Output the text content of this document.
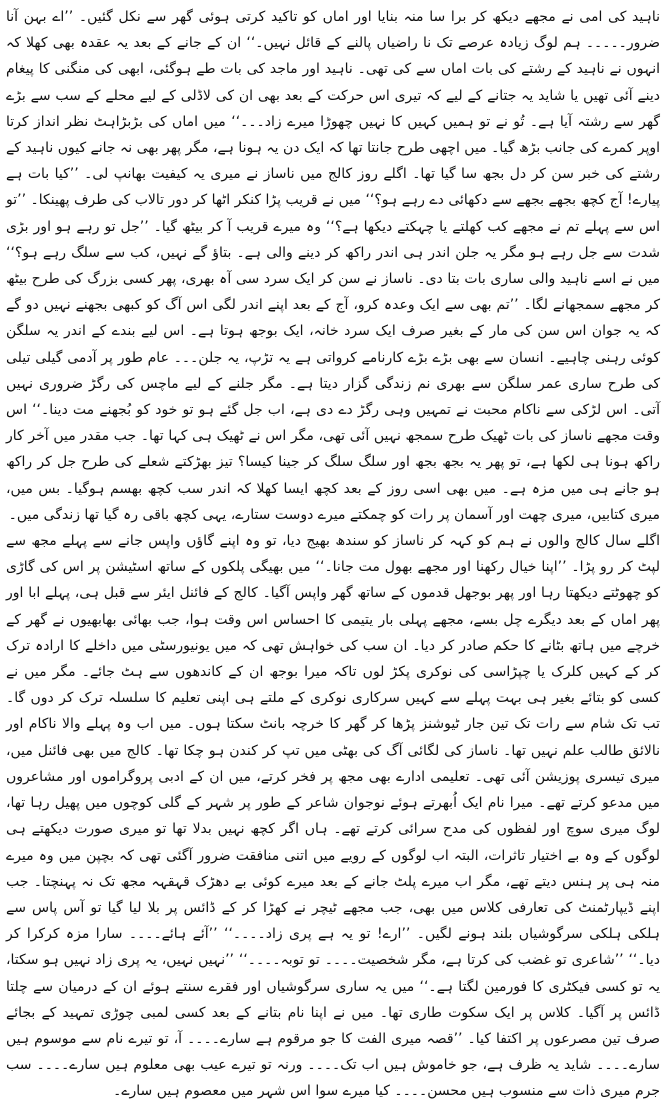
ناہید کی امی نے مجھے دیکھ کر برا سا منہ بنایا اور اماں کو تاکید کرتی ہوئی گھر سے نکل گئیں۔ ’’اے بہن آنا ضرور۔۔۔۔۔ ہم لوگ زیادہ عرصے تک نا راضیاں پالنے کے قائل نہیں۔‘‘ ان کے جانے کے بعد یہ عقدہ بھی کھلا کہ انہوں نے ناہید کے رشتے کی بات اماں سے کی تھی۔ ناہید اور ماجد کی بات طے ہوگئی، ابھی کی منگنی کا پیغام دینے آئی تھیں یا شاید یہ جتانے کے لیے کہ تیری اس حرکت کے بعد بھی ان کی لاڈلی کے لیے محلے کے سب سے بڑے گھر سے رشتہ آیا ہے۔ تُو نے تو ہمیں کہیں کا نہیں چھوڑا میرے زاد۔۔۔‘‘ میں اماں کی بڑبڑاہٹ نظر انداز کرتا اوپر کمرے کی جانب بڑھ گیا۔ میں اچھی طرح جانتا تھا کہ ایک دن یہ ہونا ہے، مگر پھر بھی نہ جانے کیوں ناہید کے رشتے کی خبر سن کر دل بجھ سا گیا تھا۔ اگلے روز کالج میں ناساز نے میری یہ کیفیت بھانپ لی۔ ’’کیا بات ہے پیارے! آج کچھ بجھے بجھے سے دکھائی دے رہے ہو؟‘‘ میں نے قریب پڑا کنکر اٹھا کر دور تالاب کی طرف پھینکا۔ ’’تو اس سے پہلے تم نے مجھے کب کھلتے یا چہکتے دیکھا ہے؟‘‘ وہ میرے قریب آ کر بیٹھ گیا۔ ’’جل تو رہے ہو اور بڑی شدت سے جل رہے ہو مگر یہ جلن اندر ہی اندر راکھ کر دینے والی ہے۔ بتاؤ گے نہیں، کب سے سلگ رہے ہو؟‘‘ میں نے اسے ناہید والی ساری بات بتا دی۔ ناساز نے سن کر ایک سرد سی آہ بھری، پھر کسی بزرگ کی طرح بیٹھ کر مجھے سمجھانے لگا۔ ’’تم بھی سے ایک وعدہ کرو، آج کے بعد اپنے اندر لگی اس آگ کو کبھی بجھنے نہیں دو گے کہ یہ جوان اس سن کی مار کے بغیر صرف ایک سرد خانہ، ایک بوجھ ہوتا ہے۔ اس لیے بندے کے اندر یہ سلگن کوئی رہنی چاہیے۔ انسان سے بھی بڑے بڑے کارنامے کرواتی ہے یہ تڑپ، یہ جلن۔۔۔ عام طور پر آدمی گیلی تیلی کی طرح ساری عمر سلگن سے بھری نم زندگی گزار دیتا ہے۔ مگر جلنے کے لیے ماچس کی رگڑ ضروری نہیں آتی۔ اس لڑکی سے ناکام محبت نے تمہیں وہی رگڑ دے دی ہے، اب جل گئے ہو تو خود کو بُجھنے مت دینا۔‘‘ اس وقت مجھے ناساز کی بات ٹھیک طرح سمجھ نہیں آئی تھی، مگر اس نے ٹھیک ہی کہا تھا۔ جب مقدر میں آخر کار راکھ ہونا ہی لکھا ہے، تو پھر یہ بجھ بجھ اور سلگ سلگ کر جینا کیسا؟ تیز بھڑکتے شعلے کی طرح جل کر راکھ ہو جانے ہی میں مزہ ہے۔ میں بھی اسی روز کے بعد کچھ ایسا کھلا کہ اندر سب کچھ بھسم ہوگیا۔ بس میں، میری کتابیں، میری چھت اور آسمان پر رات کو چمکتے میرے دوست ستارے، یہی کچھ باقی رہ گیا تھا زندگی میں۔

اگلے سال کالج والوں نے ہم کو کہہ کر ناساز کو سندھ بھیج دیا، تو وہ اپنے گاؤں واپس جانے سے پہلے مجھ سے لپٹ کر رو پڑا۔ ’’اپنا خیال رکھنا اور مجھے بھول مت جانا۔‘‘ میں بھیگی پلکوں کے ساتھ اسٹیشن پر اس کی گاڑی کو چھوٹتے دیکھتا رہا اور پھر بوجھل قدموں کے ساتھ گھر واپس آگیا۔ کالج کے فائنل ایئر سے قبل ہی، پہلے ابا اور پھر اماں کے بعد دیگرے چل بسے، مجھے پہلی بار یتیمی کا احساس اس وقت ہوا، جب بھائی بھابھیوں نے گھر کے خرچے میں ہاتھ بٹانے کا حکم صادر کر دیا۔ ان سب کی خواہش تھی کہ میں یونیورسٹی میں داخلے کا ارادہ ترک کر کے کہیں کلرک یا چپڑاسی کی نوکری پکڑ لوں تاکہ میرا بوجھ ان کے کاندھوں سے ہٹ جائے۔ مگر میں نے کسی کو بتائے بغیر ہی بہت پہلے سے کہیں سرکاری نوکری کے ملتے ہی اپنی تعلیم کا سلسلہ ترک کر دوں گا۔ تب تک شام سے رات تک تین جار ٹیوشنز پڑھا کر گھر کا خرچہ بانٹ سکتا ہوں۔ میں اب وہ پہلے والا ناکام اور نالائق طالب علم نہیں تھا۔ ناساز کی لگائی آگ کی بھٹی میں تپ کر کندن ہو چکا تھا۔ کالج میں بھی فائنل میں، میری تیسری پوزیشن آئی تھی۔ تعلیمی ادارے بھی مجھ پر فخر کرتے، میں ان کے ادبی پروگراموں اور مشاعروں میں مدعو کرتے تھے۔ میرا نام ایک اُبھرتے ہوئے نوجوان شاعر کے طور پر شہر کے گلی کوچوں میں پھیل رہا تھا، لوگ میری سوچ اور لفظوں کی مدح سرائی کرتے تھے۔ ہاں اگر کچھ نہیں بدلا تھا تو میری صورت دیکھتے ہی لوگوں کے وہ بے اختیار تاثرات، البتہ اب لوگوں کے رویے میں اتنی منافقت ضرور آگئی تھی کہ بچپن میں وہ میرے منہ ہی پر ہنس دیتے تھے، مگر اب میرے پلٹ جانے کے بعد میرے کوئی بے دھڑک قہقہہ مجھ تک نہ پہنچتا۔ جب اپنے ڈیپارٹمنٹ کی تعارفی کلاس میں بھی، جب مجھے ٹیچر نے کھڑا کر کے ڈائس پر بلا لیا گیا تو آس پاس سے ہلکی ہلکی سرگوشیاں بلند ہونے لگیں۔ ’’ارے! تو یہ ہے پری زاد۔۔۔۔‘‘ ’’آئے ہائے۔۔۔۔ سارا مزہ کرکرا کر دیا۔‘‘ ’’شاعری تو غضب کی کرتا ہے، مگر شخصیت۔۔۔۔ تو توبہ۔۔۔۔‘‘ ’’نہیں نہیں، یہ پری زاد نہیں ہو سکتا، یہ تو کسی فیکٹری کا فورمین لگتا ہے۔‘‘ میں یہ ساری سرگوشیاں اور فقرے سنتے ہوئے ان کے درمیان سے چلتا ڈائس پر آگیا۔ کلاس پر ایک سکوت طاری تھا۔ میں نے اپنا نام بتانے کے بعد کسی لمبی چوڑی تمہید کے بجائے صرف تین مصرعوں پر اکتفا کیا۔ ’’قصہ میری الفت کا جو مرقوم ہے سارے۔۔۔۔ آ، تو تیرے نام سے موسوم ہیں سارے۔۔۔۔ شاید یہ ظرف ہے، جو خاموش ہیں اب تک۔۔۔۔ ورنہ تو تیرے عیب بھی معلوم ہیں سارے۔۔۔۔ سب جرم میری ذات سے منسوب ہیں محسن۔۔۔۔ کیا میرے سوا اس شہر میں معصوم ہیں سارے۔
